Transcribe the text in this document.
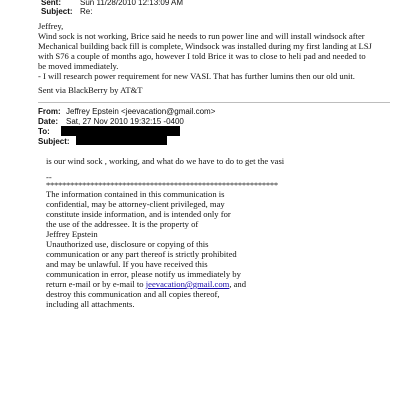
Sent: Sun 11/28/2010 12:13:09 AM
Subject: Re:
Jeffrey,
Wind sock is not working, Brice said he needs to run power line and will install windsock after
Mechanical building back fill is complete, Windsock was installed during my first landing at LSJ
with S76 a couple of months ago, however I told Brice it was to close to heli pad and needed to
be moved immediately.
- I will research power requirement for new VASI. That has further lumins then our old unit.
Sent via BlackBerry by AT&T
From: Jeffrey Epstein <jeevacation@gmail.com>
Date: Sat, 27 Nov 2010 19:32:15 -0400
To:
Subject:
is our wind sock , working, and what do we have to do to get the vasi
--
**********************************************************
The information contained in this communication is
confidential, may be attorney-client privileged, may
constitute inside information, and is intended only for
the use of the addressee. It is the property of
Jeffrey Epstein
Unauthorized use, disclosure or copying of this
communication or any part thereof is strictly prohibited
and may be unlawful. If you have received this
communication in error, please notify us immediately by
return e-mail or by e-mail to jeevacation@gmail.com, and
destroy this communication and all copies thereof,
including all attachments.
